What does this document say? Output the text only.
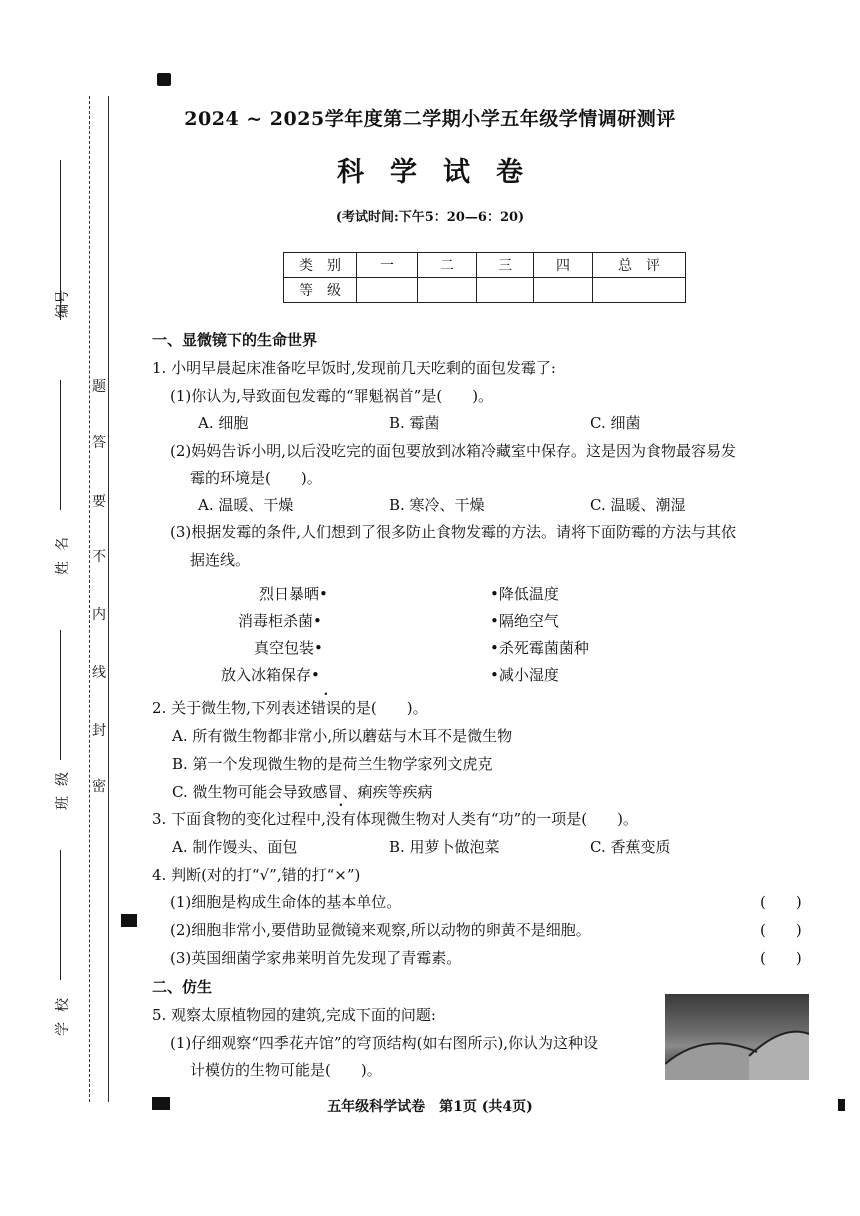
编号
姓名
班级
学校
题
答
要
不
内
线
封
密
2024 ~ 2025学年度第二学期小学五年级学情调研测评
科学试卷
(考试时间:下午5：20—6：20)
类　别	一	二	三	四	总　评
等　级					
一、显微镜下的生命世界
1. 小明早晨起床准备吃早饭时,发现前几天吃剩的面包发霉了:
(1)你认为,导致面包发霉的“罪魁祸首”是(　　)。
A. 细胞	B. 霉菌	C. 细菌
(2)妈妈告诉小明,以后没吃完的面包要放到冰箱冷藏室中保存。这是因为食物最容易发
霉的环境是(　　)。
A. 温暖、干燥	B. 寒冷、干燥	C. 温暖、潮湿
(3)根据发霉的条件,人们想到了很多防止食物发霉的方法。请将下面防霉的方法与其依
据连线。
烈日暴晒•
消毒柜杀菌•
真空包装•
放入冰箱保存•
•降低温度
•隔绝空气
•杀死霉菌菌种
•减小湿度
2. 关于微生物,下列表述错误的是(　　)。
A. 所有微生物都非常小,所以蘑菇与木耳不是微生物
B. 第一个发现微生物的是荷兰生物学家列文虎克
C. 微生物可能会导致感冒、痢疾等疾病
3. 下面食物的变化过程中,没有体现微生物对人类有“功”的一项是(　　)。
A. 制作馒头、面包	B. 用萝卜做泡菜	C. 香蕉变质
4. 判断(对的打“√”,错的打“×”)
(1)细胞是构成生命体的基本单位。
(2)细胞非常小,要借助显微镜来观察,所以动物的卵黄不是细胞。
(3)英国细菌学家弗莱明首先发现了青霉素。
(　　)
(　　)
(　　)
二、仿生
5. 观察太原植物园的建筑,完成下面的问题:
(1)仔细观察“四季花卉馆”的穹顶结构(如右图所示),你认为这种设
计模仿的生物可能是(　　)。
五年级科学试卷　第1页 (共4页)
